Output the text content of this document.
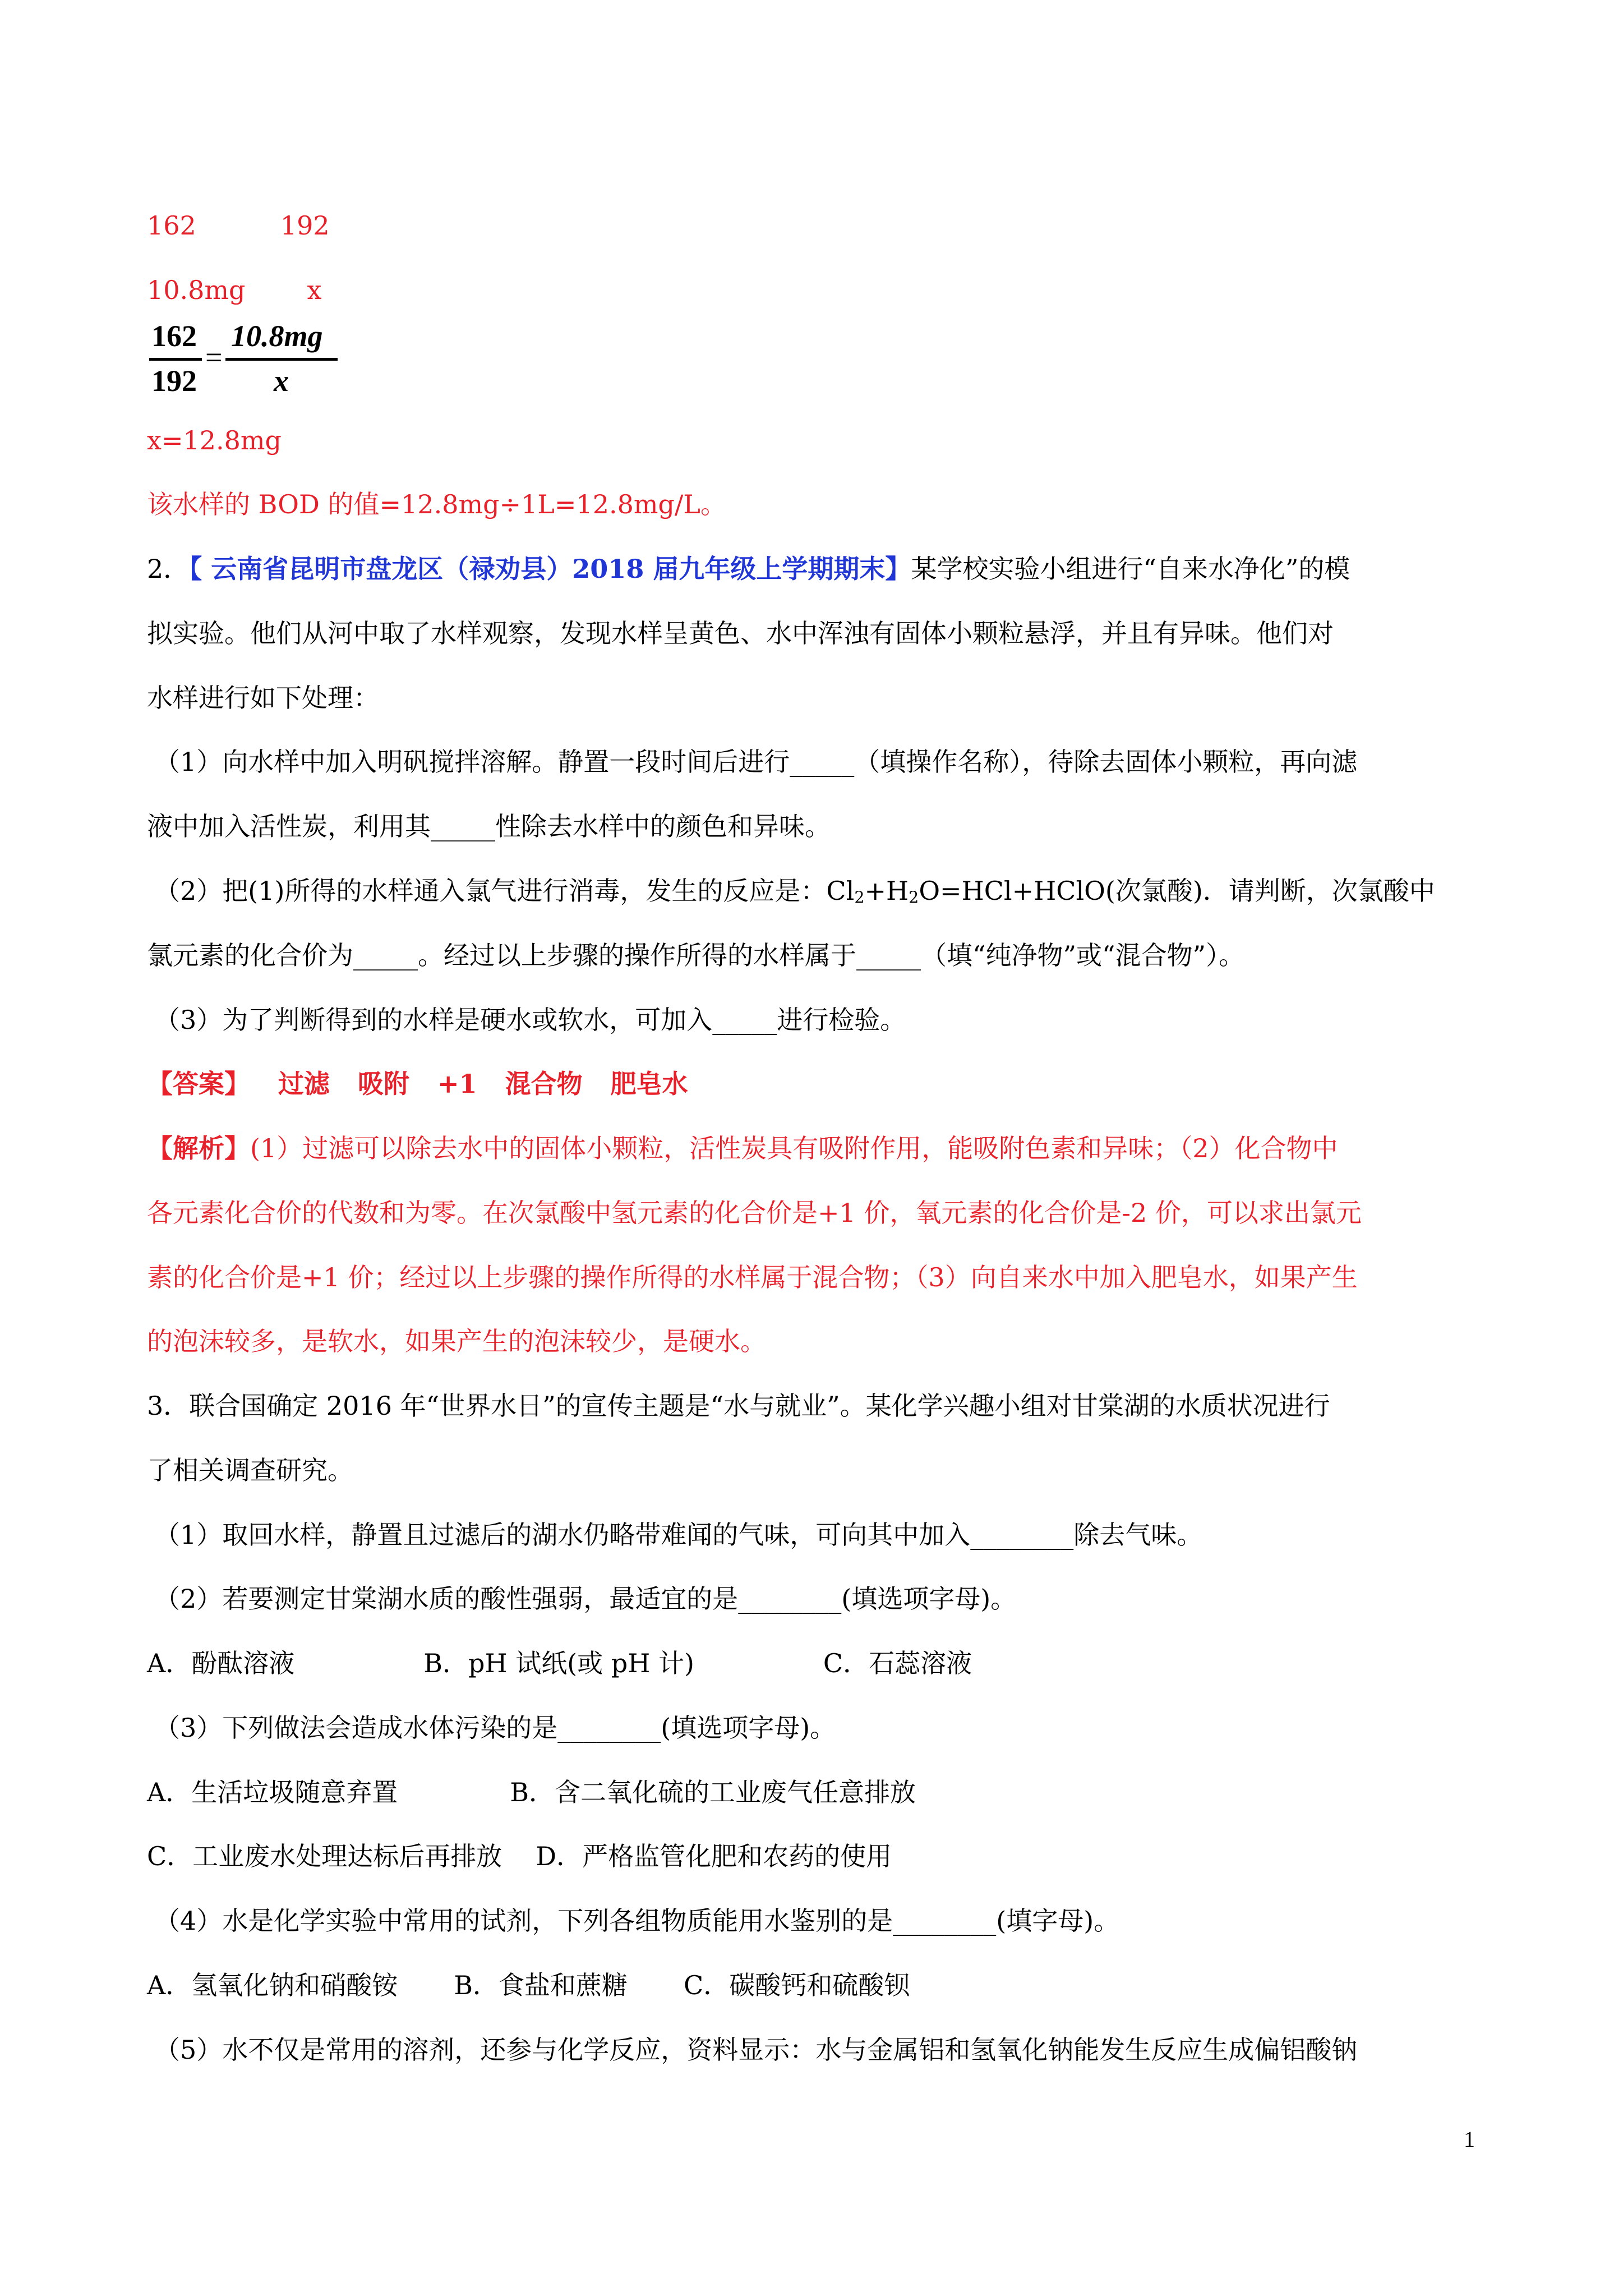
162	192
10.8mg x
162
192
=
10.8mg
x
x=12.8mg
该水样的 BOD 的值=12.8mg÷1L=12.8mg/L。
2．【 云南省昆明市盘龙区（禄劝县）2018 届九年级上学期期末】某学校实验小组进行“自来水净化”的模
拟实验。他们从河中取了水样观察，发现水样呈黄色、水中浑浊有固体小颗粒悬浮，并且有异味。他们对
水样进行如下处理：
（1）向水样中加入明矾搅拌溶解。静置一段时间后进行_____（填操作名称），待除去固体小颗粒，再向滤
液中加入活性炭，利用其_____性除去水样中的颜色和异味。
（2）把(1)所得的水样通入氯气进行消毒，发生的反应是：$Cl_2+H_2O=HCl+HClO$(次氯酸)．请判断，次氯酸中
氯元素的化合价为_____。经过以上步骤的操作所得的水样属于_____（填“纯净物”或“混合物”）。
（3）为了判断得到的水样是硬水或软水，可加入_____进行检验。
【答案】 过滤 吸附 +1 混合物 肥皂水
【解析】(1）过滤可以除去水中的固体小颗粒，活性炭具有吸附作用，能吸附色素和异味；（2）化合物中
各元素化合价的代数和为零。在次氯酸中氢元素的化合价是+1 价，氧元素的化合价是-2 价，可以求出氯元
素的化合价是+1 价；经过以上步骤的操作所得的水样属于混合物；（3）向自来水中加入肥皂水，如果产生
的泡沫较多，是软水，如果产生的泡沫较少，是硬水。
3．联合国确定 2016 年“世界水日”的宣传主题是“水与就业”。某化学兴趣小组对甘棠湖的水质状况进行
了相关调查研究。
（1）取回水样，静置且过滤后的湖水仍略带难闻的气味，可向其中加入________除去气味。
（2）若要测定甘棠湖水质的酸性强弱，最适宜的是________(填选项字母)。
A．酚酞溶液	B．pH 试纸(或 pH 计)	C．石蕊溶液
（3）下列做法会造成水体污染的是________(填选项字母)。
A．生活垃圾随意弃置	B．含二氧化硫的工业废气任意排放
C．工业废水处理达标后再排放 D．严格监管化肥和农药的使用
（4）水是化学实验中常用的试剂，下列各组物质能用水鉴别的是________(填字母)。
A．氢氧化钠和硝酸铵 B．食盐和蔗糖 C．碳酸钙和硫酸钡
（5）水不仅是常用的溶剂，还参与化学反应，资料显示：水与金属铝和氢氧化钠能发生反应生成偏铝酸钠
1
